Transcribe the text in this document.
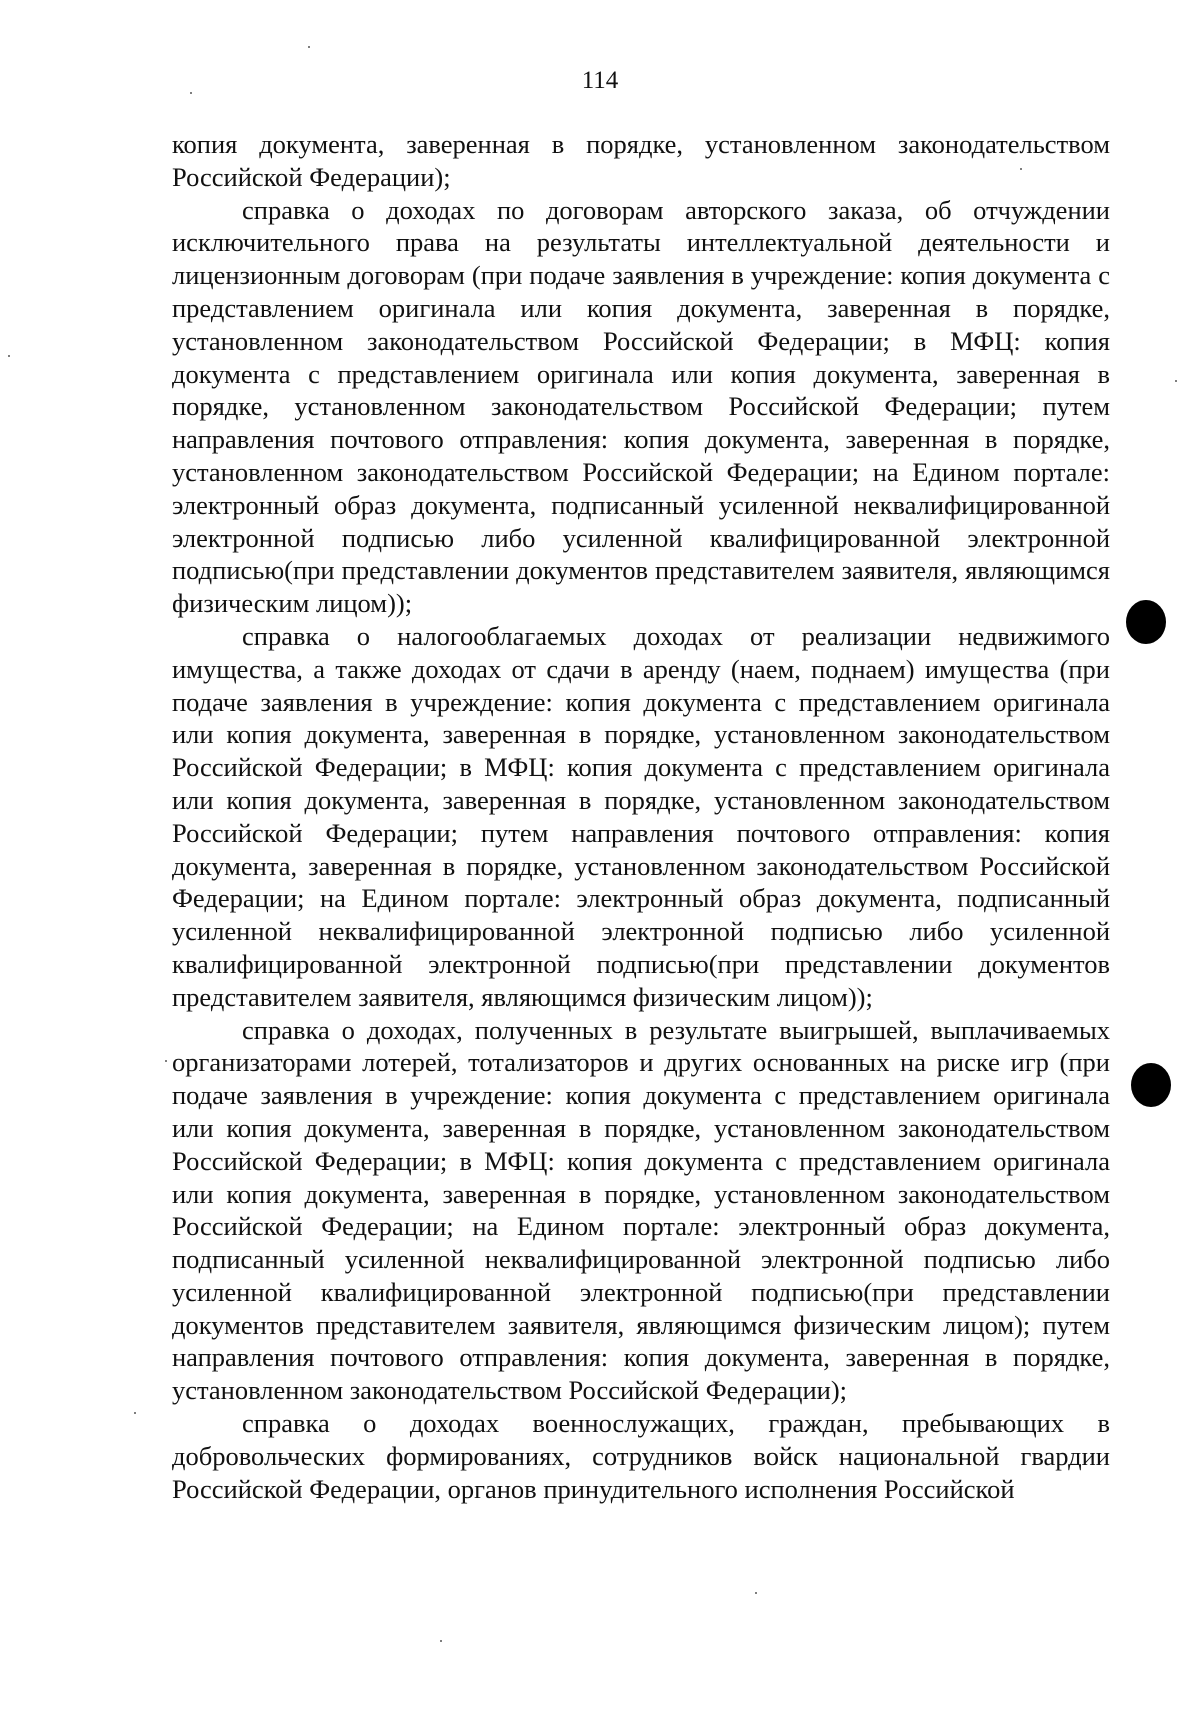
114

копия документа, заверенная в порядке, установленном законодательством Российской Федерации);

справка о доходах по договорам авторского заказа, об отчуждении исключительного права на результаты интеллектуальной деятельности и лицензионным договорам (при подаче заявления в учреждение: копия документа с представлением оригинала или копия документа, заверенная в порядке, установленном законодательством Российской Федерации; в МФЦ: копия документа с представлением оригинала или копия документа, заверенная в порядке, установленном законодательством Российской Федерации; путем направления почтового отправления: копия документа, заверенная в порядке, установленном законодательством Российской Федерации; на Едином портале: электронный образ документа, подписанный усиленной неквалифицированной электронной подписью либо усиленной квалифицированной электронной подписью(при представлении документов представителем заявителя, являющимся физическим лицом));

справка о налогооблагаемых доходах от реализации недвижимого имущества, а также доходах от сдачи в аренду (наем, поднаем) имущества (при подаче заявления в учреждение: копия документа с представлением оригинала или копия документа, заверенная в порядке, установленном законодательством Российской Федерации; в МФЦ: копия документа с представлением оригинала или копия документа, заверенная в порядке, установленном законодательством Российской Федерации; путем направления почтового отправления: копия документа, заверенная в порядке, установленном законодательством Российской Федерации; на Едином портале: электронный образ документа, подписанный усиленной неквалифицированной электронной подписью либо усиленной квалифицированной электронной подписью(при представлении документов представителем заявителя, являющимся физическим лицом));

справка о доходах, полученных в результате выигрышей, выплачиваемых организаторами лотерей, тотализаторов и других основанных на риске игр (при подаче заявления в учреждение: копия документа с представлением оригинала или копия документа, заверенная в порядке, установленном законодательством Российской Федерации; в МФЦ: копия документа с представлением оригинала или копия документа, заверенная в порядке, установленном законодательством Российской Федерации; на Едином портале: электронный образ документа, подписанный усиленной неквалифицированной электронной подписью либо усиленной квалифицированной электронной подписью(при представлении документов представителем заявителя, являющимся физическим лицом); путем направления почтового отправления: копия документа, заверенная в порядке, установленном законодательством Российской Федерации);

справка о доходах военнослужащих, граждан, пребывающих в добровольческих формированиях, сотрудников войск национальной гвардии Российской Федерации, органов принудительного исполнения Российской
